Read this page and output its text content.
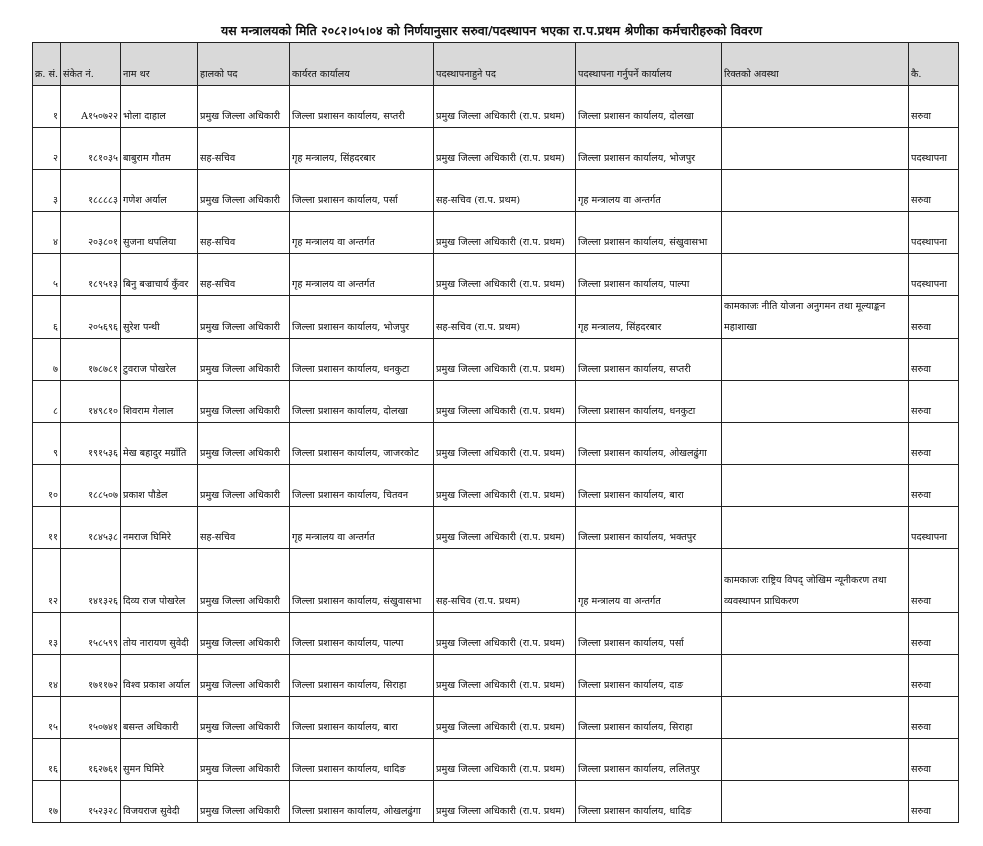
यस मन्त्रालयको मिति २०८२।०५।०४ को निर्णयानुसार सरुवा/पदस्थापन भएका रा.प.प्रथम श्रेणीका कर्मचारीहरुको विवरण
क्र. सं.	संकेत नं.	नाम थर	हालको पद	कार्यरत कार्यालय	पदस्थापनाहुने पद	पदस्थापना गर्नुपर्ने कार्यालय	रिक्तको अवस्था	कै.
१	A१५०७२२	भोला दाहाल	प्रमुख जिल्ला अधिकारी	जिल्ला प्रशासन कार्यालय, सप्तरी	प्रमुख जिल्ला अधिकारी (रा.प. प्रथम)	जिल्ला प्रशासन कार्यालय, दोलखा		सरुवा
२	१८१०३५	बाबुराम गौतम	सह-सचिव	गृह मन्त्रालय, सिंहदरबार	प्रमुख जिल्ला अधिकारी (रा.प. प्रथम)	जिल्ला प्रशासन कार्यालय, भोजपुर		पदस्थापना
३	१८८८८३	गणेश अर्याल	प्रमुख जिल्ला अधिकारी	जिल्ला प्रशासन कार्यालय, पर्सा	सह-सचिव (रा.प. प्रथम)	गृह मन्त्रालय वा अन्तर्गत		सरुवा
४	२०३८०१	सुजना थपलिया	सह-सचिव	गृह मन्त्रालय वा अन्तर्गत	प्रमुख जिल्ला अधिकारी (रा.प. प्रथम)	जिल्ला प्रशासन कार्यालय, संखुवासभा		पदस्थापना
५	१८९५१३	बिनु बज्राचार्य कुँवर	सह-सचिव	गृह मन्त्रालय वा अन्तर्गत	प्रमुख जिल्ला अधिकारी (रा.प. प्रथम)	जिल्ला प्रशासन कार्यालय, पाल्पा		पदस्थापना
६	२०५६९६	सुरेश पन्थी	प्रमुख जिल्ला अधिकारी	जिल्ला प्रशासन कार्यालय, भोजपुर	सह-सचिव (रा.प. प्रथम)	गृह मन्त्रालय, सिंहदरबार	कामकाजः नीति योजना अनुगमन तथा मूल्याङ्कन महाशाखा	सरुवा
७	१७८७८१	टुवराज पोखरेल	प्रमुख जिल्ला अधिकारी	जिल्ला प्रशासन कार्यालय, धनकुटा	प्रमुख जिल्ला अधिकारी (रा.प. प्रथम)	जिल्ला प्रशासन कार्यालय, सप्तरी		सरुवा
८	१४९८१०	शिवराम गेलाल	प्रमुख जिल्ला अधिकारी	जिल्ला प्रशासन कार्यालय, दोलखा	प्रमुख जिल्ला अधिकारी (रा.प. प्रथम)	जिल्ला प्रशासन कार्यालय, धनकुटा		सरुवा
९	१९१५३६	मेख बहादुर मग्राँति	प्रमुख जिल्ला अधिकारी	जिल्ला प्रशासन कार्यालय, जाजरकोट	प्रमुख जिल्ला अधिकारी (रा.प. प्रथम)	जिल्ला प्रशासन कार्यालय, ओखलढुंगा		सरुवा
१०	१८८५०७	प्रकाश पौडेल	प्रमुख जिल्ला अधिकारी	जिल्ला प्रशासन कार्यालय, चितवन	प्रमुख जिल्ला अधिकारी (रा.प. प्रथम)	जिल्ला प्रशासन कार्यालय, बारा		सरुवा
११	१८४५३८	नमराज घिमिरे	सह-सचिव	गृह मन्त्रालय वा अन्तर्गत	प्रमुख जिल्ला अधिकारी (रा.प. प्रथम)	जिल्ला प्रशासन कार्यालय, भक्तपुर		पदस्थापना
१२	१४१३२६	दिव्य राज पोखरेल	प्रमुख जिल्ला अधिकारी	जिल्ला प्रशासन कार्यालय, संखुवासभा	सह-सचिव (रा.प. प्रथम)	गृह मन्त्रालय वा अन्तर्गत	कामकाजः राष्ट्रिय विपद् जोखिम न्यूनीकरण तथा व्यवस्थापन प्राधिकरण	सरुवा
१३	१५८५९९	तोय नारायण सुवेदी	प्रमुख जिल्ला अधिकारी	जिल्ला प्रशासन कार्यालय, पाल्पा	प्रमुख जिल्ला अधिकारी (रा.प. प्रथम)	जिल्ला प्रशासन कार्यालय, पर्सा		सरुवा
१४	१७११७२	विश्व प्रकाश अर्याल	प्रमुख जिल्ला अधिकारी	जिल्ला प्रशासन कार्यालय, सिराहा	प्रमुख जिल्ला अधिकारी (रा.प. प्रथम)	जिल्ला प्रशासन कार्यालय, दाङ		सरुवा
१५	१५०७४१	बसन्त अधिकारी	प्रमुख जिल्ला अधिकारी	जिल्ला प्रशासन कार्यालय, बारा	प्रमुख जिल्ला अधिकारी (रा.प. प्रथम)	जिल्ला प्रशासन कार्यालय, सिराहा		सरुवा
१६	१६२७६१	सुमन घिमिरे	प्रमुख जिल्ला अधिकारी	जिल्ला प्रशासन कार्यालय, धादिङ	प्रमुख जिल्ला अधिकारी (रा.प. प्रथम)	जिल्ला प्रशासन कार्यालय, ललितपुर		सरुवा
१७	१५२३२८	विजयराज सुवेदी	प्रमुख जिल्ला अधिकारी	जिल्ला प्रशासन कार्यालय, ओखलढुंगा	प्रमुख जिल्ला अधिकारी (रा.प. प्रथम)	जिल्ला प्रशासन कार्यालय, धादिङ		सरुवा
